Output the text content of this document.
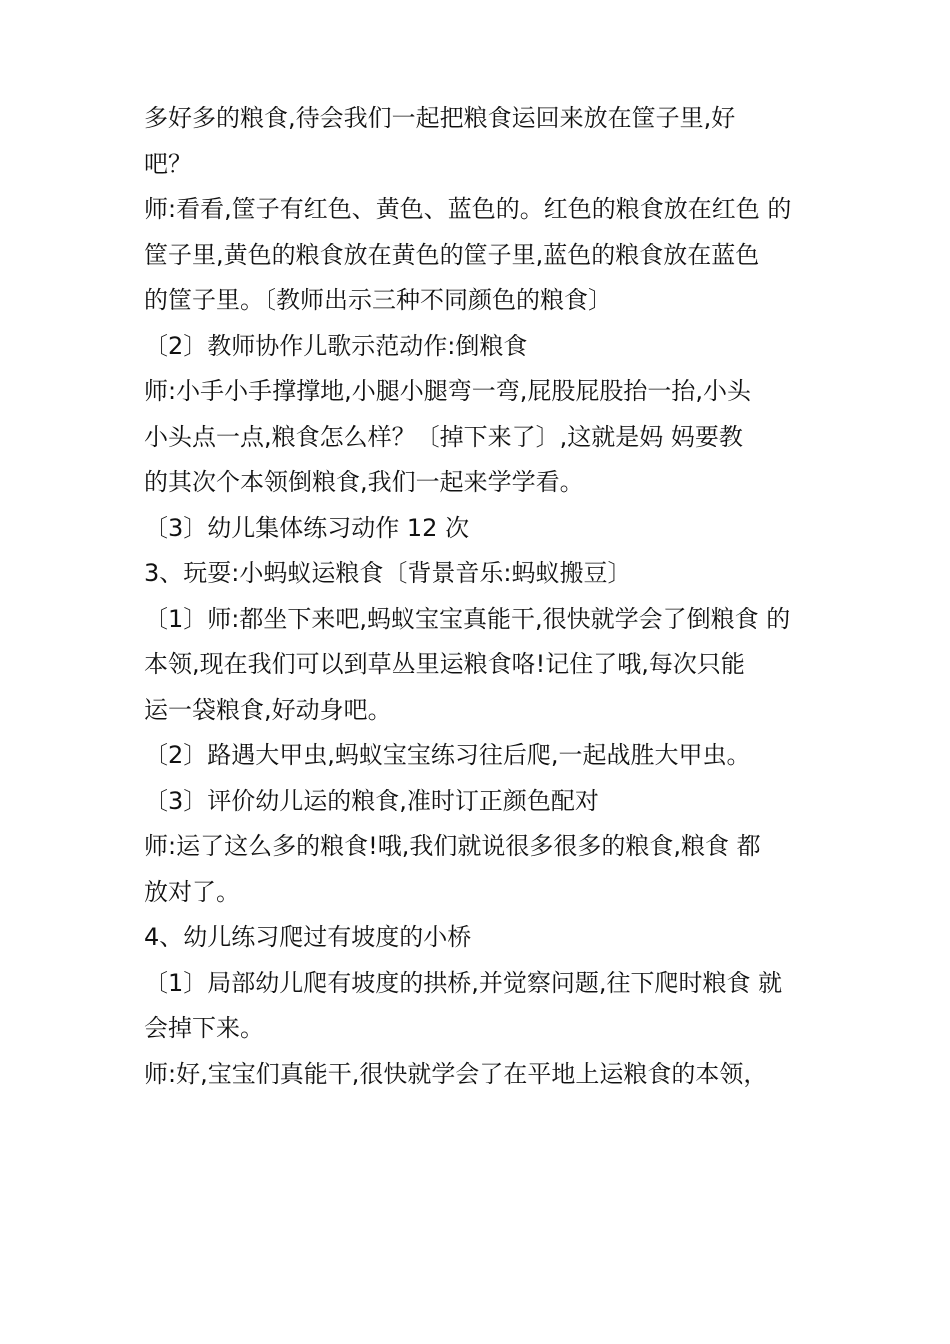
多好多的粮食,待会我们一起把粮食运回来放在筐子里,好
吧？
师:看看,筐子有红色、黄色、蓝色的。红色的粮食放在红色 的
筐子里,黄色的粮食放在黄色的筐子里,蓝色的粮食放在蓝色
的筐子里。〔教师出示三种不同颜色的粮食〕
〔2〕教师协作儿歌示范动作:倒粮食
师:小手小手撑撑地,小腿小腿弯一弯,屁股屁股抬一抬,小头
小头点一点,粮食怎么样？〔掉下来了〕,这就是妈 妈要教
的其次个本领倒粮食,我们一起来学学看。
〔3〕幼儿集体练习动作 12 次
3、玩耍:小蚂蚁运粮食〔背景音乐:蚂蚁搬豆〕
〔1〕师:都坐下来吧,蚂蚁宝宝真能干,很快就学会了倒粮食 的
本领,现在我们可以到草丛里运粮食咯!记住了哦,每次只能
运一袋粮食,好动身吧。
〔2〕路遇大甲虫,蚂蚁宝宝练习往后爬,一起战胜大甲虫。
〔3〕评价幼儿运的粮食,准时订正颜色配对
师:运了这么多的粮食!哦,我们就说很多很多的粮食,粮食 都
放对了。
4、幼儿练习爬过有坡度的小桥
〔1〕局部幼儿爬有坡度的拱桥,并觉察问题,往下爬时粮食 就
会掉下来。
师:好,宝宝们真能干,很快就学会了在平地上运粮食的本领，
